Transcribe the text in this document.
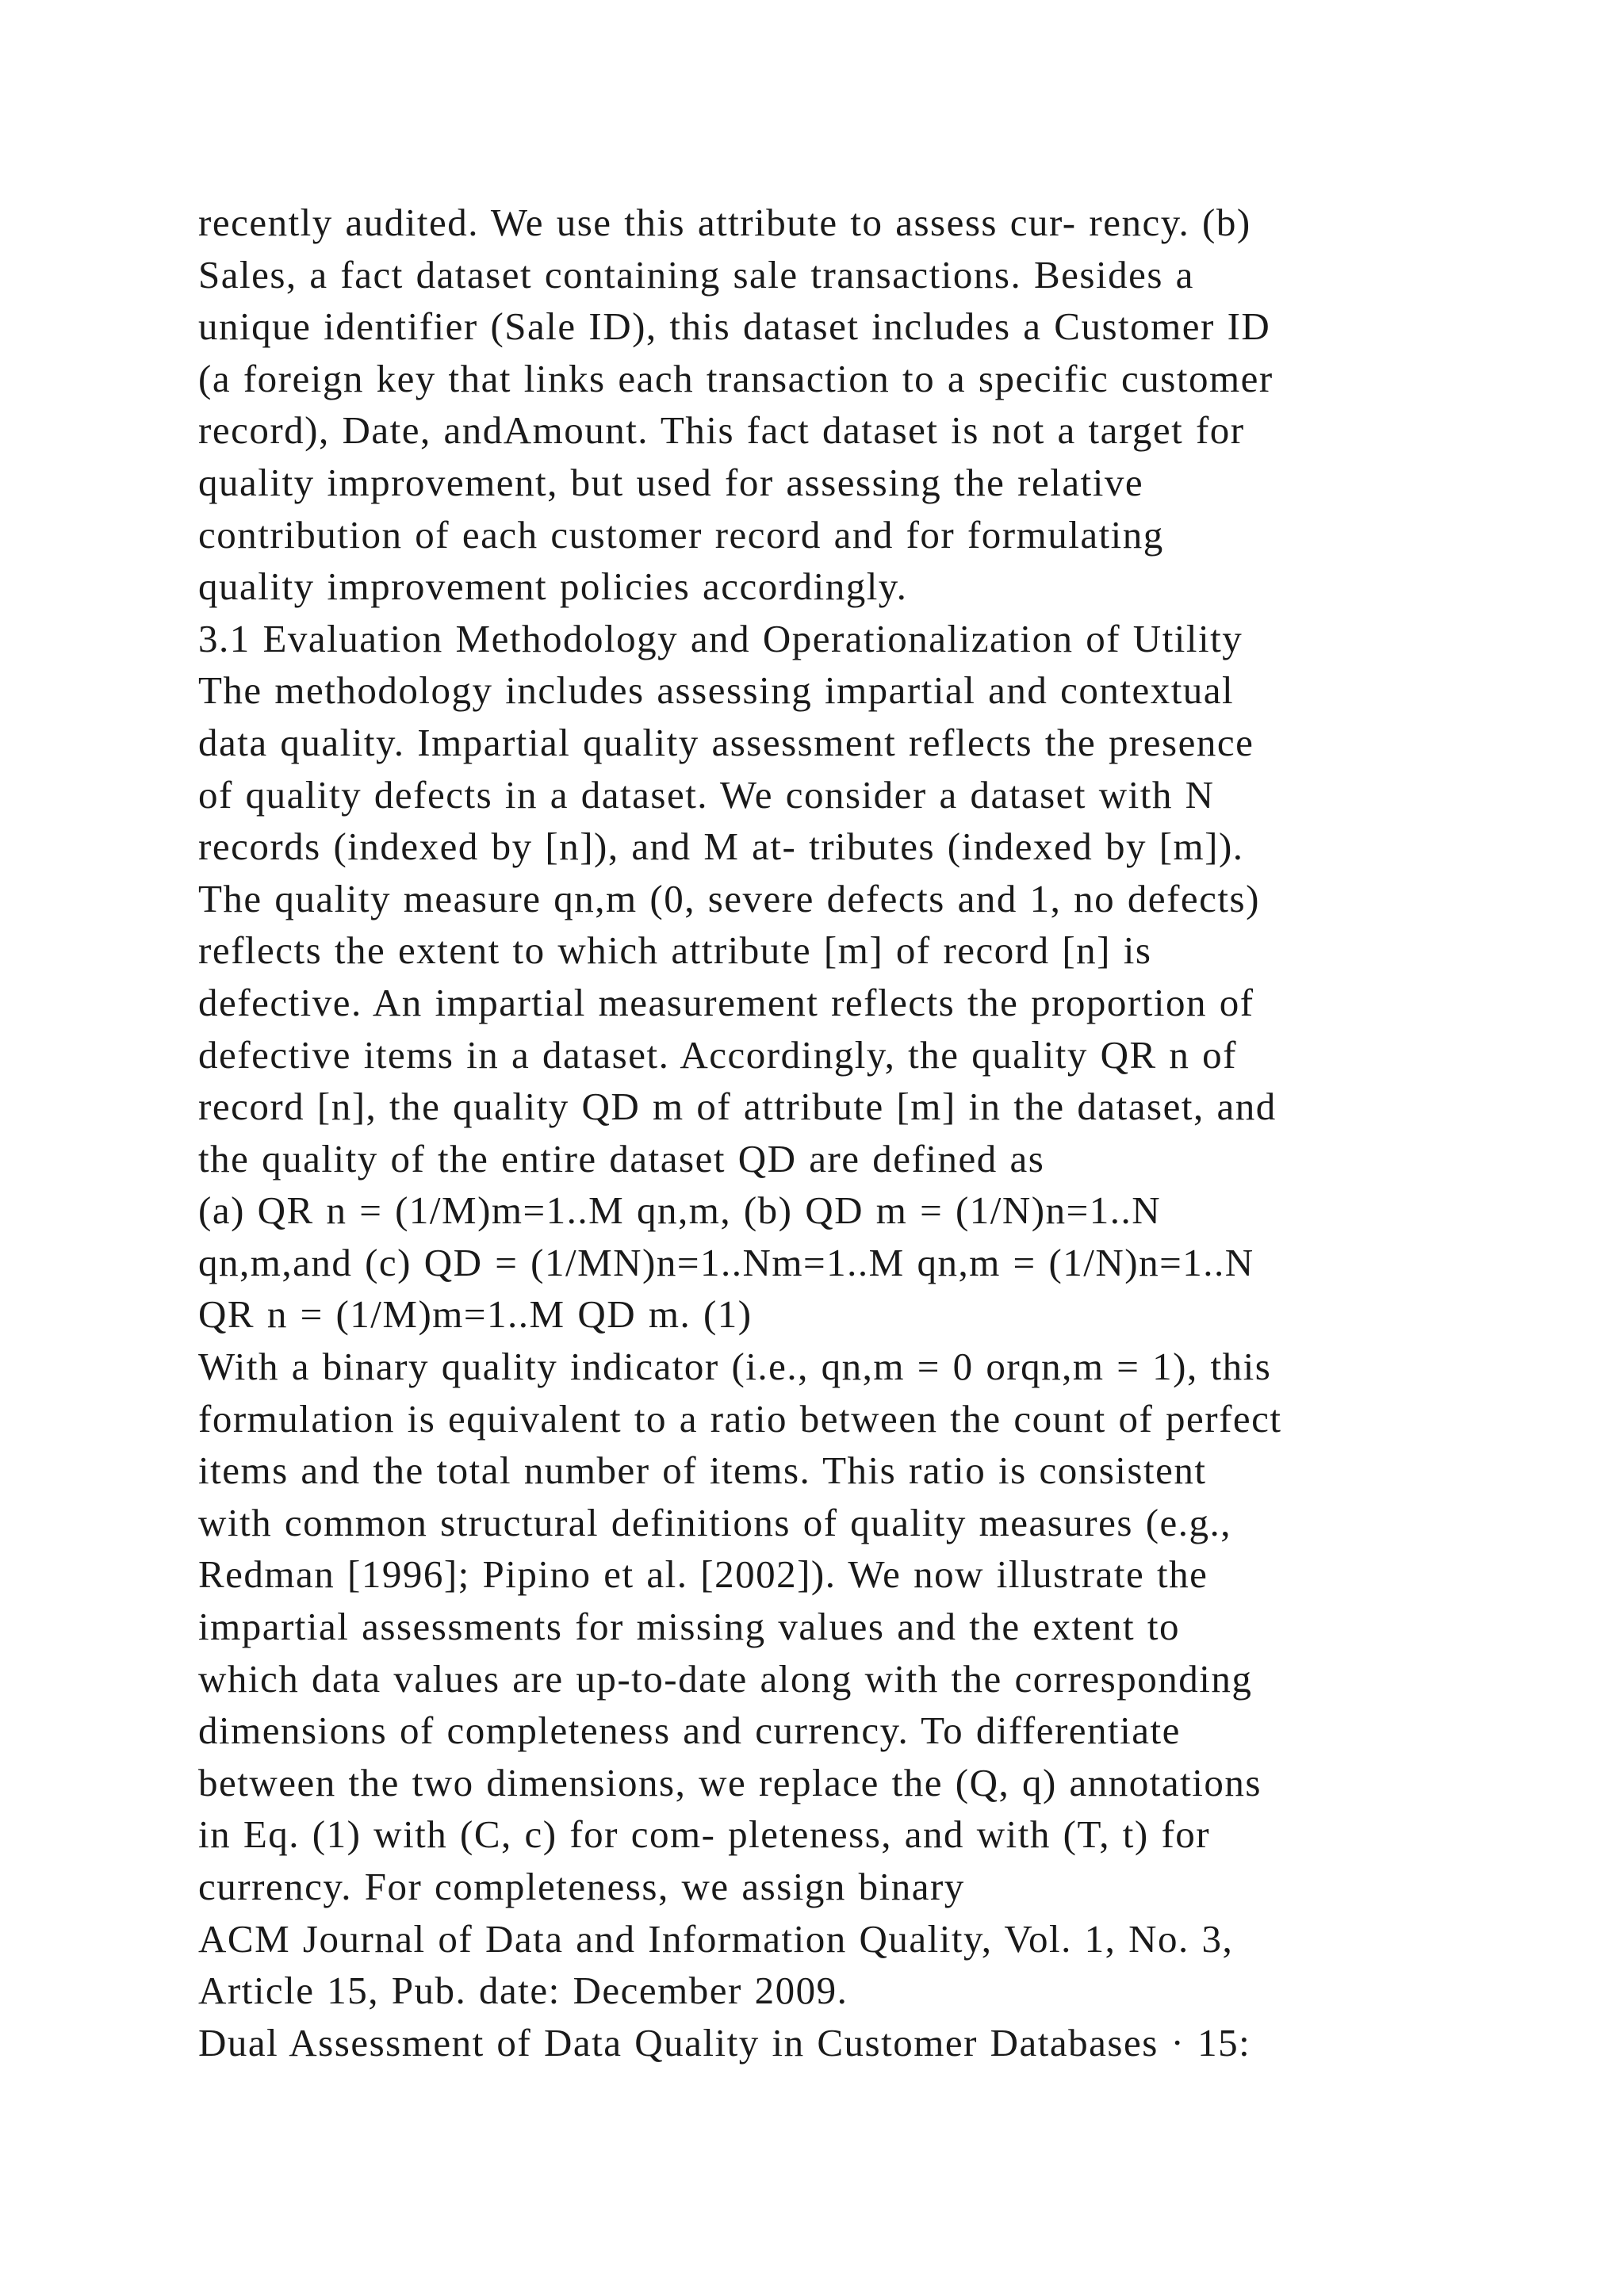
recently audited. We use this attribute to assess cur- rency. (b)
Sales, a fact dataset containing sale transactions. Besides a
unique identifier (Sale ID), this dataset includes a Customer ID
(a foreign key that links each transaction to a specific customer
record), Date, andAmount. This fact dataset is not a target for
quality improvement, but used for assessing the relative
contribution of each customer record and for formulating
quality improvement policies accordingly.
3.1 Evaluation Methodology and Operationalization of Utility
The methodology includes assessing impartial and contextual
data quality. Impartial quality assessment reflects the presence
of quality defects in a dataset. We consider a dataset with N
records (indexed by [n]), and M at- tributes (indexed by [m]).
The quality measure qn,m (0, severe defects and 1, no defects)
reflects the extent to which attribute [m] of record [n] is
defective. An impartial measurement reflects the proportion of
defective items in a dataset. Accordingly, the quality QR n of
record [n], the quality QD m of attribute [m] in the dataset, and
the quality of the entire dataset QD are defined as
(a) QR n = (1/M)m=1..M qn,m, (b) QD m = (1/N)n=1..N
qn,m,and (c) QD = (1/MN)n=1..Nm=1..M qn,m = (1/N)n=1..N
QR n = (1/M)m=1..M QD m. (1)
With a binary quality indicator (i.e., qn,m = 0 orqn,m = 1), this
formulation is equivalent to a ratio between the count of perfect
items and the total number of items. This ratio is consistent
with common structural definitions of quality measures (e.g.,
Redman [1996]; Pipino et al. [2002]). We now illustrate the
impartial assessments for missing values and the extent to
which data values are up-to-date along with the corresponding
dimensions of completeness and currency. To differentiate
between the two dimensions, we replace the (Q, q) annotations
in Eq. (1) with (C, c) for com- pleteness, and with (T, t) for
currency. For completeness, we assign binary
ACM Journal of Data and Information Quality, Vol. 1, No. 3,
Article 15, Pub. date: December 2009.
Dual Assessment of Data Quality in Customer Databases · 15:
